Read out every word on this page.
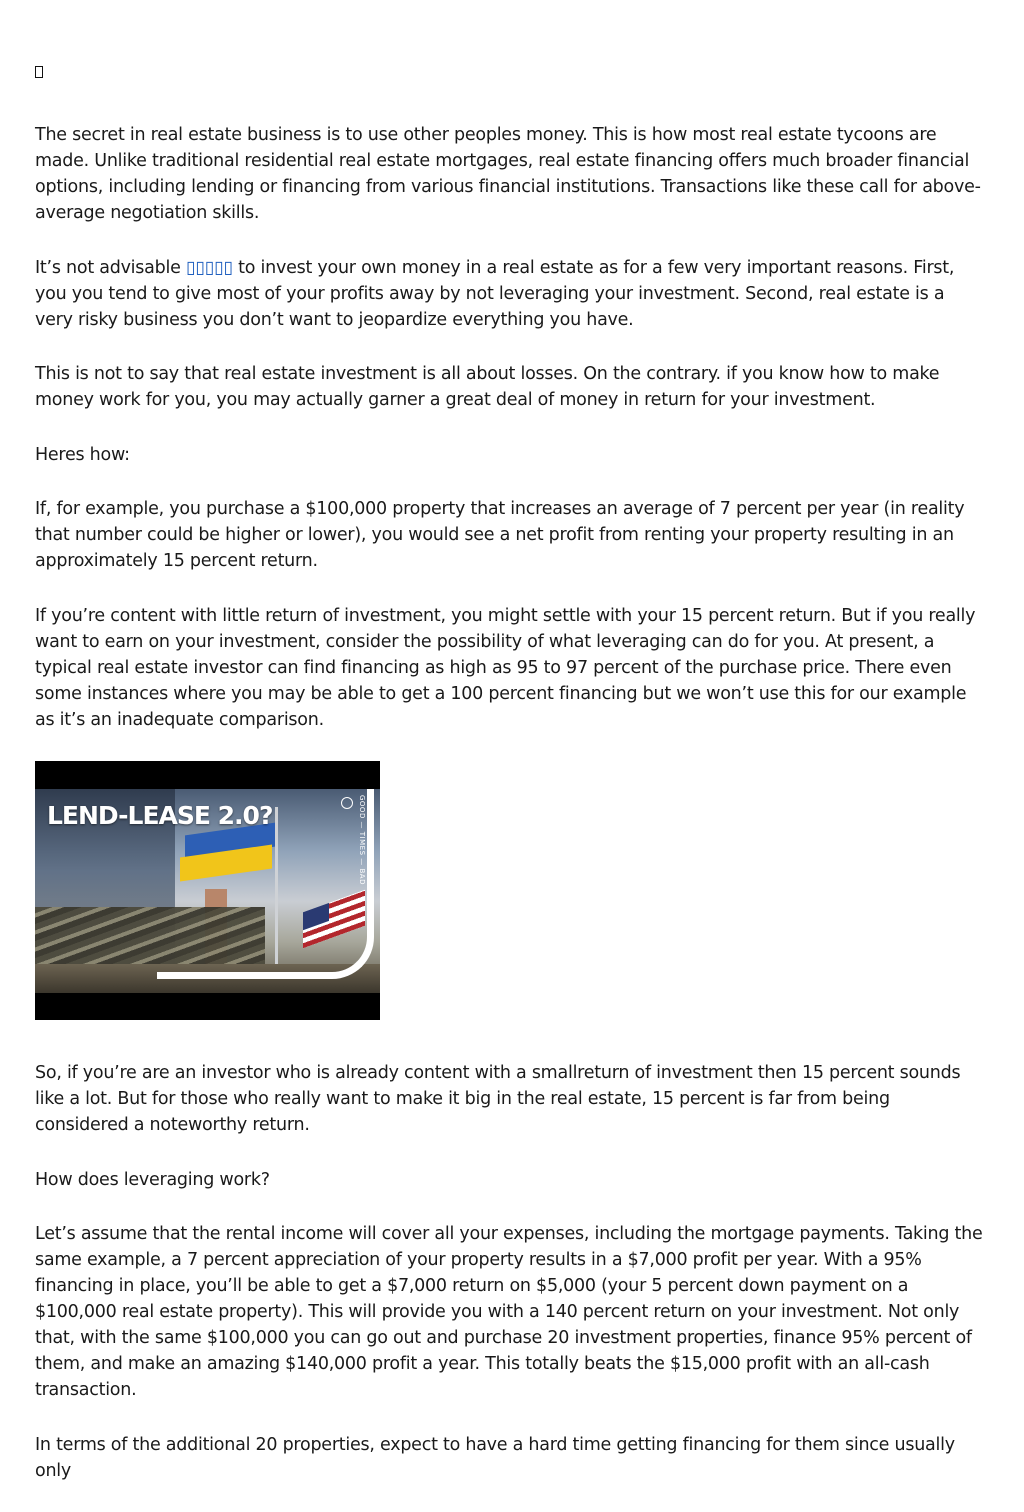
The secret in real estate business is to use other peoples money. This is how most real estate tycoons are made. Unlike traditional residential real estate mortgages, real estate financing offers much broader financial options, including lending or financing from various financial institutions. Transactions like these call for above-average negotiation skills.

It’s not advisable ▯▯▯▯▯ to invest your own money in a real estate as for a few very important reasons. First, you you tend to give most of your profits away by not leveraging your investment. Second, real estate is a very risky business you don’t want to jeopardize everything you have.

This is not to say that real estate investment is all about losses. On the contrary. if you know how to make money work for you, you may actually garner a great deal of money in return for your investment.

Heres how:

If, for example, you purchase a $100,000 property that increases an average of 7 percent per year (in reality that number could be higher or lower), you would see a net profit from renting your property resulting in an approximately 15 percent return.

If you’re content with little return of investment, you might settle with your 15 percent return. But if you really want to earn on your investment, consider the possibility of what leveraging can do for you. At present, a typical real estate investor can find financing as high as 95 to 97 percent of the purchase price. There even some instances where you may be able to get a 100 percent financing but we won’t use this for our example as it’s an inadequate comparison.

LEND-LEASE 2.0?	GOOD — TIMES — BAD

So, if you’re are an investor who is already content with a smallreturn of investment then 15 percent sounds like a lot. But for those who really want to make it big in the real estate, 15 percent is far from being considered a noteworthy return.

How does leveraging work?

Let’s assume that the rental income will cover all your expenses, including the mortgage payments. Taking the same example, a 7 percent appreciation of your property results in a $7,000 profit per year. With a 95% financing in place, you’ll be able to get a $7,000 return on $5,000 (your 5 percent down payment on a $100,000 real estate property). This will provide you with a 140 percent return on your investment. Not only that, with the same $100,000 you can go out and purchase 20 investment properties, finance 95% percent of them, and make an amazing $140,000 profit a year. This totally beats the $15,000 profit with an all-cash transaction.

In terms of the additional 20 properties, expect to have a hard time getting financing for them since usually only
